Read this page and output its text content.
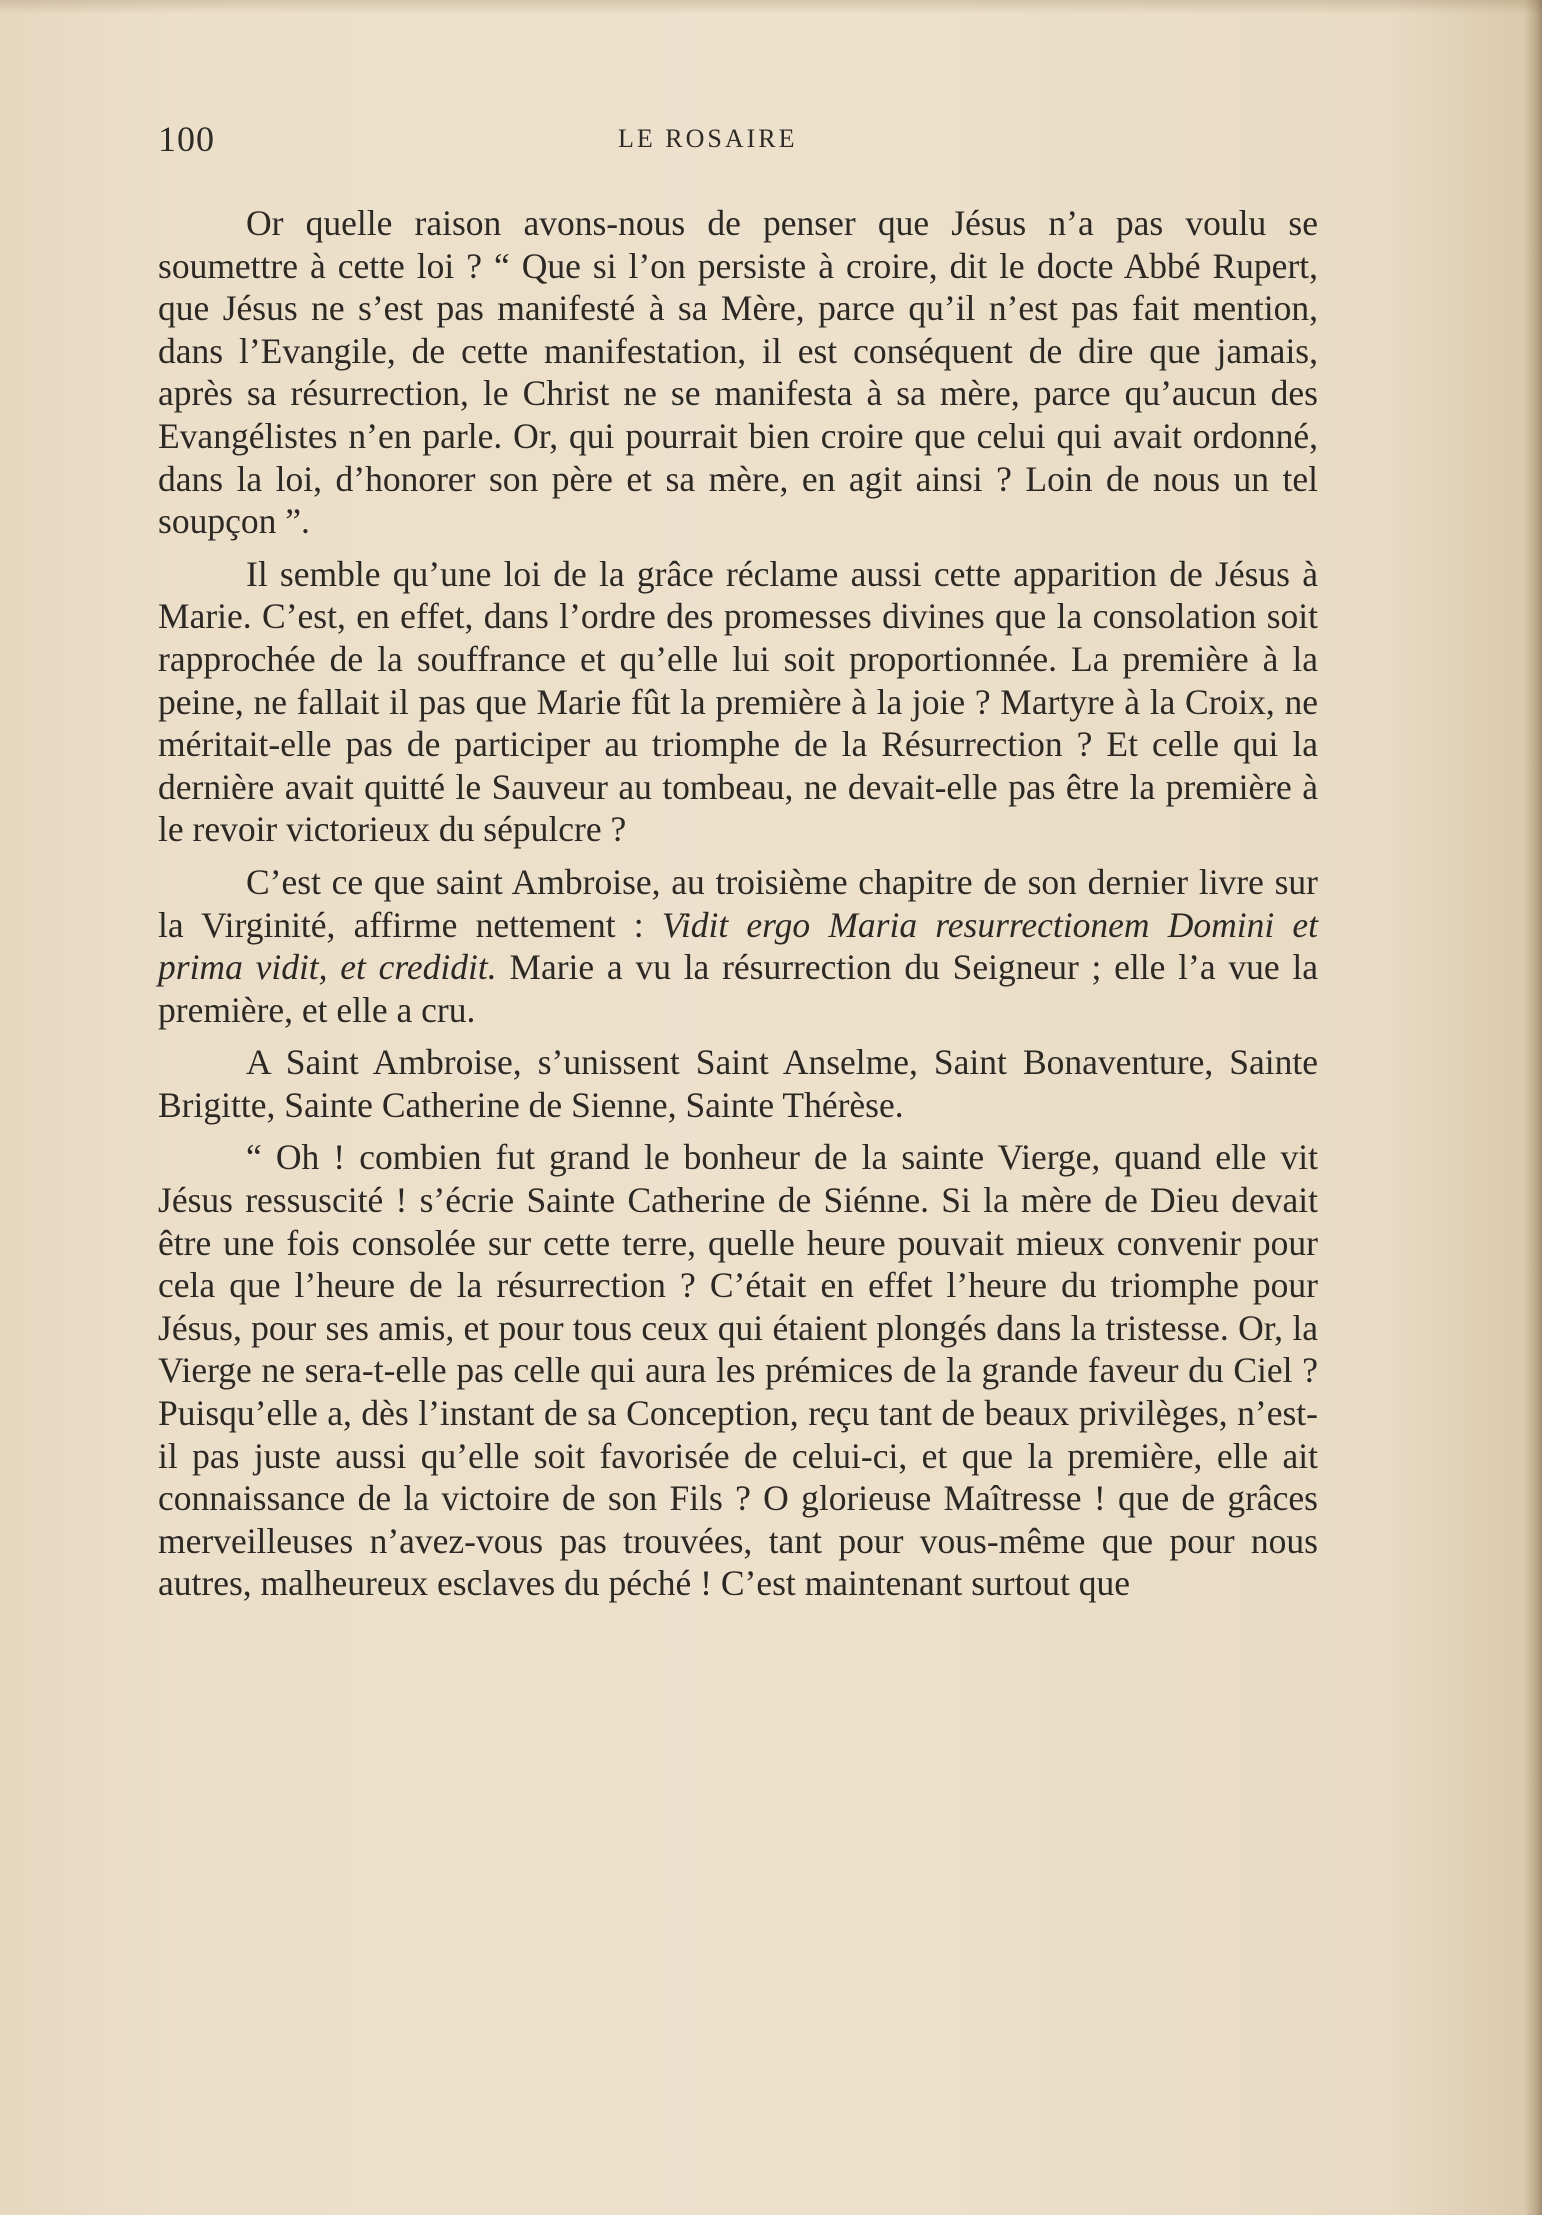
100	LE ROSAIRE

Or quelle raison avons-nous de penser que Jésus n’a pas voulu se soumettre à cette loi ? “ Que si l’on persiste à croire, dit le docte Abbé Rupert, que Jésus ne s’est pas manifesté à sa Mère, parce qu’il n’est pas fait mention, dans l’Evangile, de cette manifestation, il est conséquent de dire que jamais, après sa résurrection, le Christ ne se manifesta à sa mère, parce qu’aucun des Evangélistes n’en parle. Or, qui pourrait bien croire que celui qui avait ordonné, dans la loi, d’honorer son père et sa mère, en agit ainsi ? Loin de nous un tel soupçon ”.

Il semble qu’une loi de la grâce réclame aussi cette apparition de Jésus à Marie. C’est, en effet, dans l’ordre des promesses divines que la consolation soit rapprochée de la souffrance et qu’elle lui soit proportionnée. La première à la peine, ne fallait il pas que Marie fût la première à la joie ? Martyre à la Croix, ne méritait-elle pas de participer au triomphe de la Résurrection ? Et celle qui la dernière avait quitté le Sauveur au tombeau, ne devait-elle pas être la première à le revoir victorieux du sépulcre ?

C’est ce que saint Ambroise, au troisième chapitre de son dernier livre sur la Virginité, affirme nettement : Vidit ergo Maria resurrectionem Domini et prima vidit, et credidit. Marie a vu la résurrection du Seigneur ; elle l’a vue la première, et elle a cru.

A Saint Ambroise, s’unissent Saint Anselme, Saint Bonaventure, Sainte Brigitte, Sainte Catherine de Sienne, Sainte Thérèse.

“ Oh ! combien fut grand le bonheur de la sainte Vierge, quand elle vit Jésus ressuscité ! s’écrie Sainte Catherine de Siénne. Si la mère de Dieu devait être une fois consolée sur cette terre, quelle heure pouvait mieux convenir pour cela que l’heure de la résurrection ? C’était en effet l’heure du triomphe pour Jésus, pour ses amis, et pour tous ceux qui étaient plongés dans la tristesse. Or, la Vierge ne sera-t-elle pas celle qui aura les prémices de la grande faveur du Ciel ? Puisqu’elle a, dès l’instant de sa Conception, reçu tant de beaux privilèges, n’est-il pas juste aussi qu’elle soit favorisée de celui-ci, et que la première, elle ait connaissance de la victoire de son Fils ? O glorieuse Maîtresse ! que de grâces merveilleuses n’avez-vous pas trouvées, tant pour vous-même que pour nous autres, malheureux esclaves du péché ! C’est maintenant surtout que
